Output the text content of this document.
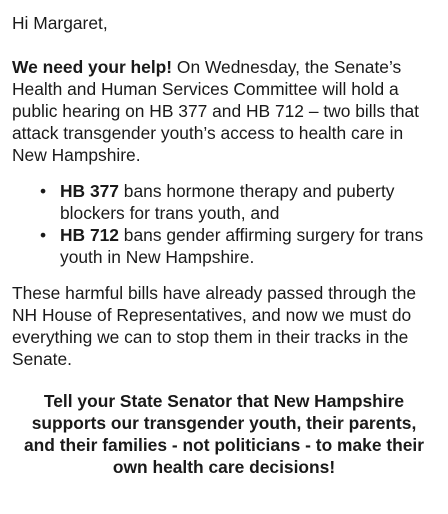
Hi Margaret,

We need your help! On Wednesday, the Senate’s Health and Human Services Committee will hold a public hearing on HB 377 and HB 712 – two bills that attack transgender youth’s access to health care in New Hampshire.

• HB 377 bans hormone therapy and puberty blockers for trans youth, and
• HB 712 bans gender affirming surgery for trans youth in New Hampshire.

These harmful bills have already passed through the NH House of Representatives, and now we must do everything we can to stop them in their tracks in the Senate.

Tell your State Senator that New Hampshire supports our transgender youth, their parents, and their families - not politicians - to make their own health care decisions!
